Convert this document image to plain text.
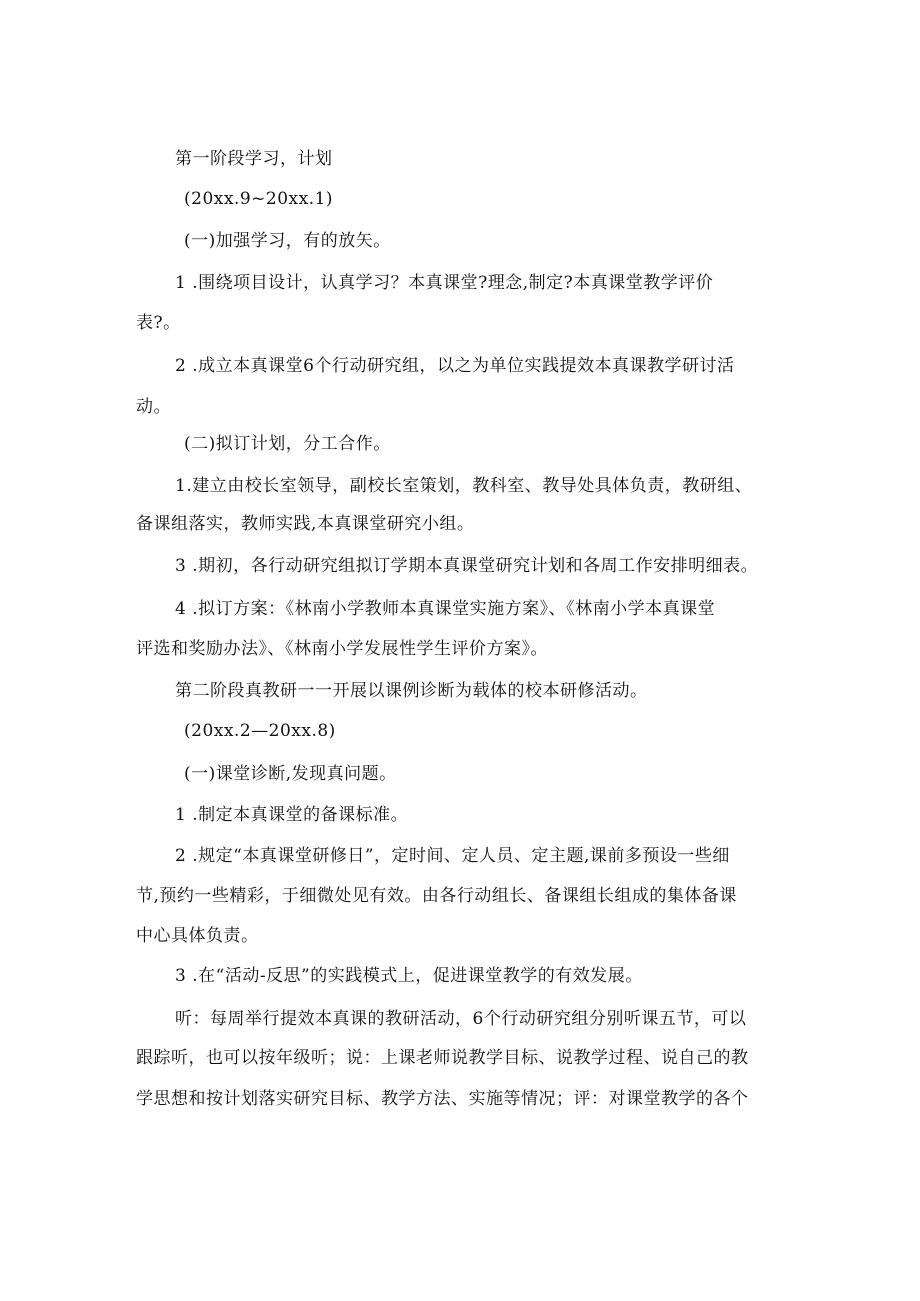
第一阶段学习，计划
(20xx.9~20xx.1)
(一)加强学习，有的放矢。
1 .围绕项目设计，认真学习？本真课堂?理念,制定?本真课堂教学评价
表?。
2 .成立本真课堂6个行动研究组，以之为单位实践提效本真课教学研讨活
动。
(二)拟订计划，分工合作。
1.建立由校长室领导，副校长室策划，教科室、教导处具体负责，教研组、
备课组落实，教师实践,本真课堂研究小组。
3 .期初，各行动研究组拟订学期本真课堂研究计划和各周工作安排明细表。
4 .拟订方案：《林南小学教师本真课堂实施方案》、《林南小学本真课堂
评选和奖励办法》、《林南小学发展性学生评价方案》。
第二阶段真教研一一开展以课例诊断为载体的校本研修活动。
(20xx.2—20xx.8)
(一)课堂诊断,发现真问题。
1 .制定本真课堂的备课标准。
2 .规定“本真课堂研修日”，定时间、定人员、定主题,课前多预设一些细
节,预约一些精彩，于细微处见有效。由各行动组长、备课组长组成的集体备课
中心具体负责。
3 .在“活动-反思”的实践模式上，促进课堂教学的有效发展。
听：每周举行提效本真课的教研活动，6个行动研究组分别听课五节，可以
跟踪听，也可以按年级听；说：上课老师说教学目标、说教学过程、说自己的教
学思想和按计划落实研究目标、教学方法、实施等情况；评：对课堂教学的各个
